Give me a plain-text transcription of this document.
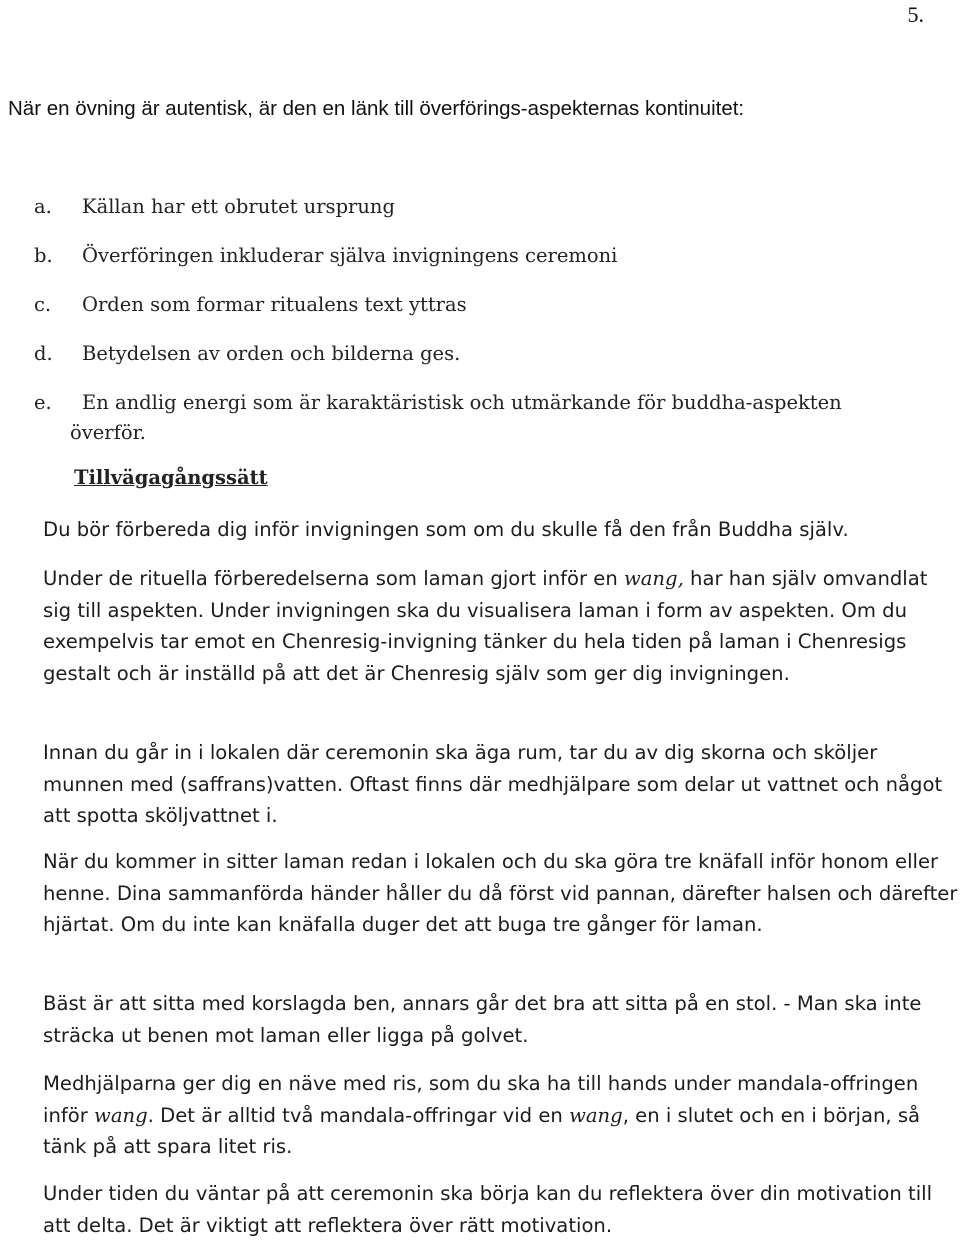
5.

När en övning är autentisk, är den en länk till överförings-aspekternas kontinuitet:

a. Källan har ett obrutet ursprung
b. Överföringen inkluderar själva invigningens ceremoni
c. Orden som formar ritualens text yttras
d. Betydelsen av orden och bilderna ges.
e. En andlig energi som är karaktäristisk och utmärkande för buddha-aspekten
överför.
Tillvägagångssätt

Du bör förbereda dig inför invigningen som om du skulle få den från Buddha själv.

Under de rituella förberedelserna som laman gjort inför en wang, har han själv omvandlat sig till aspekten. Under invigningen ska du visualisera laman i form av aspekten. Om du exempelvis tar emot en Chenresig-invigning tänker du hela tiden på laman i Chenresigs gestalt och är inställd på att det är Chenresig själv som ger dig invigningen.

Innan du går in i lokalen där ceremonin ska äga rum, tar du av dig skorna och sköljer munnen med (saffrans)vatten. Oftast finns där medhjälpare som delar ut vattnet och något att spotta sköljvattnet i.

När du kommer in sitter laman redan i lokalen och du ska göra tre knäfall inför honom eller henne. Dina sammanförda händer håller du då först vid pannan, därefter halsen och därefter hjärtat. Om du inte kan knäfalla duger det att buga tre gånger för laman.

Bäst är att sitta med korslagda ben, annars går det bra att sitta på en stol. - Man ska inte sträcka ut benen mot laman eller ligga på golvet.

Medhjälparna ger dig en näve med ris, som du ska ha till hands under mandala-offringen inför wang. Det är alltid två mandala-offringar vid en wang, en i slutet och en i början, så tänk på att spara litet ris.

Under tiden du väntar på att ceremonin ska börja kan du reflektera över din motivation till att delta. Det är viktigt att reflektera över rätt motivation.
